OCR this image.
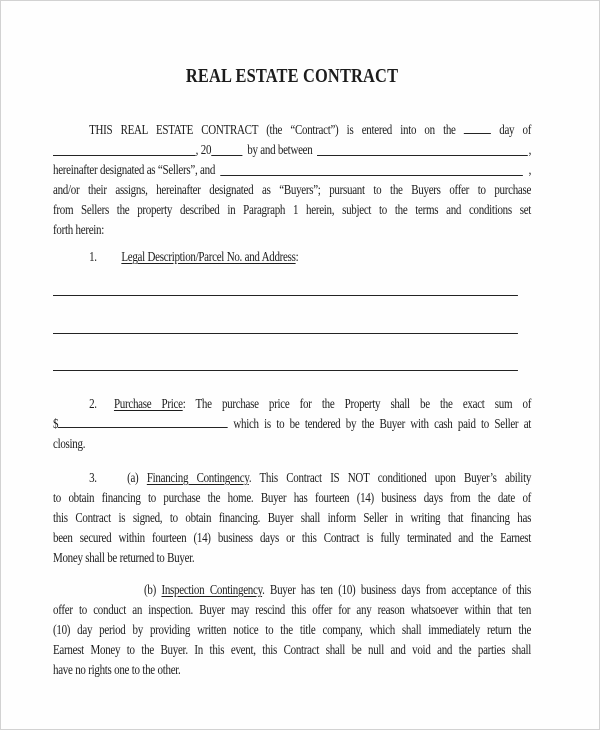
REAL ESTATE CONTRACT
THIS REAL ESTATE CONTRACT (the “Contract”) is entered into on the	day of
, 20	by and between	,
hereinafter designated as “Sellers”, and	,
and/or their assigns, hereinafter designated as “Buyers”; pursuant to the Buyers offer to purchase
from Sellers the property described in Paragraph 1 herein, subject to the terms and conditions set
forth herein:
1. Legal Description/Parcel No. and Address:
2. Purchase Price: The purchase price for the Property shall be the exact sum of
$	which is to be tendered by the Buyer with cash paid to Seller at
closing.
3. (a) Financing Contingency. This Contract IS NOT conditioned upon Buyer’s ability
to obtain financing to purchase the home. Buyer has fourteen (14) business days from the date of
this Contract is signed, to obtain financing. Buyer shall inform Seller in writing that financing has
been secured within fourteen (14) business days or this Contract is fully terminated and the Earnest
Money shall be returned to Buyer.
(b) Inspection Contingency. Buyer has ten (10) business days from acceptance of this
offer to conduct an inspection. Buyer may rescind this offer for any reason whatsoever within that ten
(10) day period by providing written notice to the title company, which shall immediately return the
Earnest Money to the Buyer. In this event, this Contract shall be null and void and the parties shall
have no rights one to the other.
